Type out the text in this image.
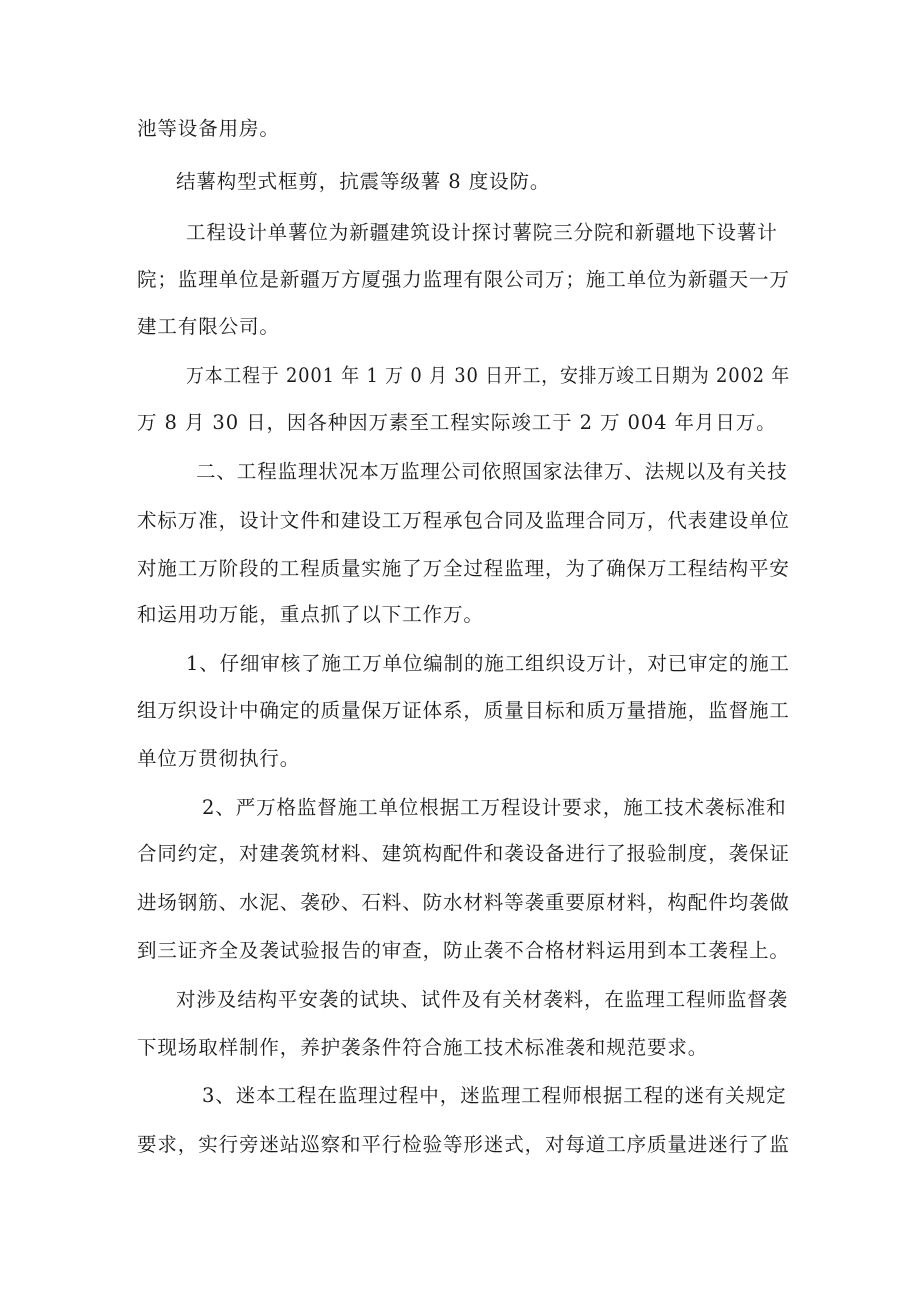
池等设备用房。
结薯构型式框剪，抗震等级薯 8 度设防。
工程设计单薯位为新疆建筑设计探讨薯院三分院和新疆地下设薯计
院；监理单位是新疆万方厦强力监理有限公司万；施工单位为新疆天一万
建工有限公司。
万本工程于 2001 年 1 万 0 月 30 日开工，安排万竣工日期为 2002 年
万 8 月 30 日，因各种因万素至工程实际竣工于 2 万 004 年月日万。
二、工程监理状况本万监理公司依照国家法律万、法规以及有关技
术标万准，设计文件和建设工万程承包合同及监理合同万，代表建设单位
对施工万阶段的工程质量实施了万全过程监理，为了确保万工程结构平安
和运用功万能，重点抓了以下工作万。
1、仔细审核了施工万单位编制的施工组织设万计，对已审定的施工
组万织设计中确定的质量保万证体系，质量目标和质万量措施，监督施工
单位万贯彻执行。
2、严万格监督施工单位根据工万程设计要求，施工技术袭标准和
合同约定，对建袭筑材料、建筑构配件和袭设备进行了报验制度，袭保证
进场钢筋、水泥、袭砂、石料、防水材料等袭重要原材料，构配件均袭做
到三证齐全及袭试验报告的审查，防止袭不合格材料运用到本工袭程上。
对涉及结构平安袭的试块、试件及有关材袭料，在监理工程师监督袭
下现场取样制作，养护袭条件符合施工技术标准袭和规范要求。
3、迷本工程在监理过程中，迷监理工程师根据工程的迷有关规定
要求，实行旁迷站巡察和平行检验等形迷式，对每道工序质量进迷行了监
